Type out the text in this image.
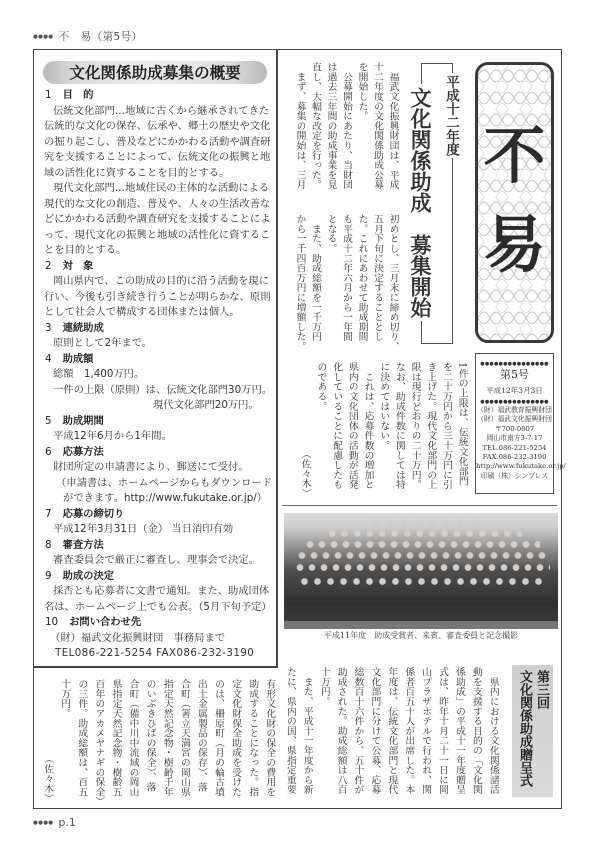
●●●● 不　易（第5号）
文化関係助成募集の概要
1 目　的
伝統文化部門…地域に古くから継承されてきた
伝統的な文化の保存、伝承や、郷土の歴史や文化
の掘り起こし、普及などにかかわる活動や調査研
究を支援することによって、伝統文化の振興と地
域の活性化に資することを目的とする。
現代文化部門…地域住民の主体的な活動による
現代的な文化の創造、普及や、人々の生活改善な
どにかかわる活動や調査研究を支援することによ
って、現代文化の振興と地域の活性化に資するこ
とを目的とする。
2 対　象
岡山県内で、この助成の目的に沿う活動を現に
行い、今後も引き続き行うことが明らかな、原則
として社会人で構成する団体または個人。
3 連続助成
原則として2年まで。
4 助成額
総額　1,400万円。
一件の上限（原則）は、伝統文化部門30万円。
現代文化部門20万円。
5 助成期間
平成12年6月から1年間。
6 応募方法
財団所定の申請書により、郵送にて受付。
（申請書は、ホームページからもダウンロード
ができます。http://www.fukutake.or.jp/）
7 応募の締切り
平成12年3月31日（金） 当日消印有効
8 審査方法
審査委員会で厳正に審査し、理事会で決定。
9 助成の決定
採否とも応募者に文書で通知。また、助成団体
名は、ホームページ上でも公表。（5月下旬予定）
10 お問い合わせ先
（財）福武文化振興財団　事務局まで
TEL086-221-5254 FAX086-232-3190
　福武文化振興財団は、平成
十二年度の文化関係助成公募
を開始した。
　公募開始にあたり、当財団
は過去三年間の助成事業を見
直し、大幅な改定を行った。
　まず、募集の開始は、三月
初めとし、三月末に締め切り、
五月下旬に決定することとし
た。これにあわせて助成期間
も平成十二年六月から一年間
となる。
　また、助成総額を一千万円
から一千四百万円に増額した。
1件の上限は、伝統文化部門
を二十万円から三十万円に引
き上げた。現代文化部門の上
限は現行どおりの二十万円。
なお、助成件数に関しては特
に決めてはいない。
　これは、応募件数の増加と
県内の文化団体の活動が活発
化していることに配慮したも
のである。
（佐々木）
平成十二年度
文化関係助成　募集開始 不
易
●●●●●●●●●●●●●●●
第5号
平成12年3月3日
●●●●●●●●●●●●●●●
（財）福武教育振興財団
（財）福武文化振興財団
〒700-0807
岡山市南方3-7-17
TEL.086-221-5254
FAX.086-232-3190
http://www.fukutake.or.jp/
印刷（株）シンプレス
平成11年度　助成受賞者、来賓、審査委員と記念撮影
第三回
文化関係助成贈呈式
　県内における文化関係諸活
動を支援する目的の「文化関
係助成」の平成十一年度贈呈
式は、昨年十月二十一日に岡
山プラザホテルで行われ、関
係者百五十人が出席した。本
年度は、伝統文化部門と現代
文化部門に分けて公募、応募
総数百十六件から、五十件が
助成された。助成総額は八百
十万円。
　また、平成十一年度から新
たに、県内の国、県指定重要
有形文化財の保全の費用を
助成することになった。指
定文化財保全助成を受けた
のは、柵原町（月の輪古墳
出土金属製品の保存）、落
合町（箸立天満宮の岡山県
指定天然記念物・樹齢千年
のいぶきひばの保全）、落
合町（備中川中流域の岡山
県指定天然記念物・樹齢五
百年のアカメヤナギの保全）
の三件。助成総額は、百五
十万円。
（佐々木）
●●●● p.1
